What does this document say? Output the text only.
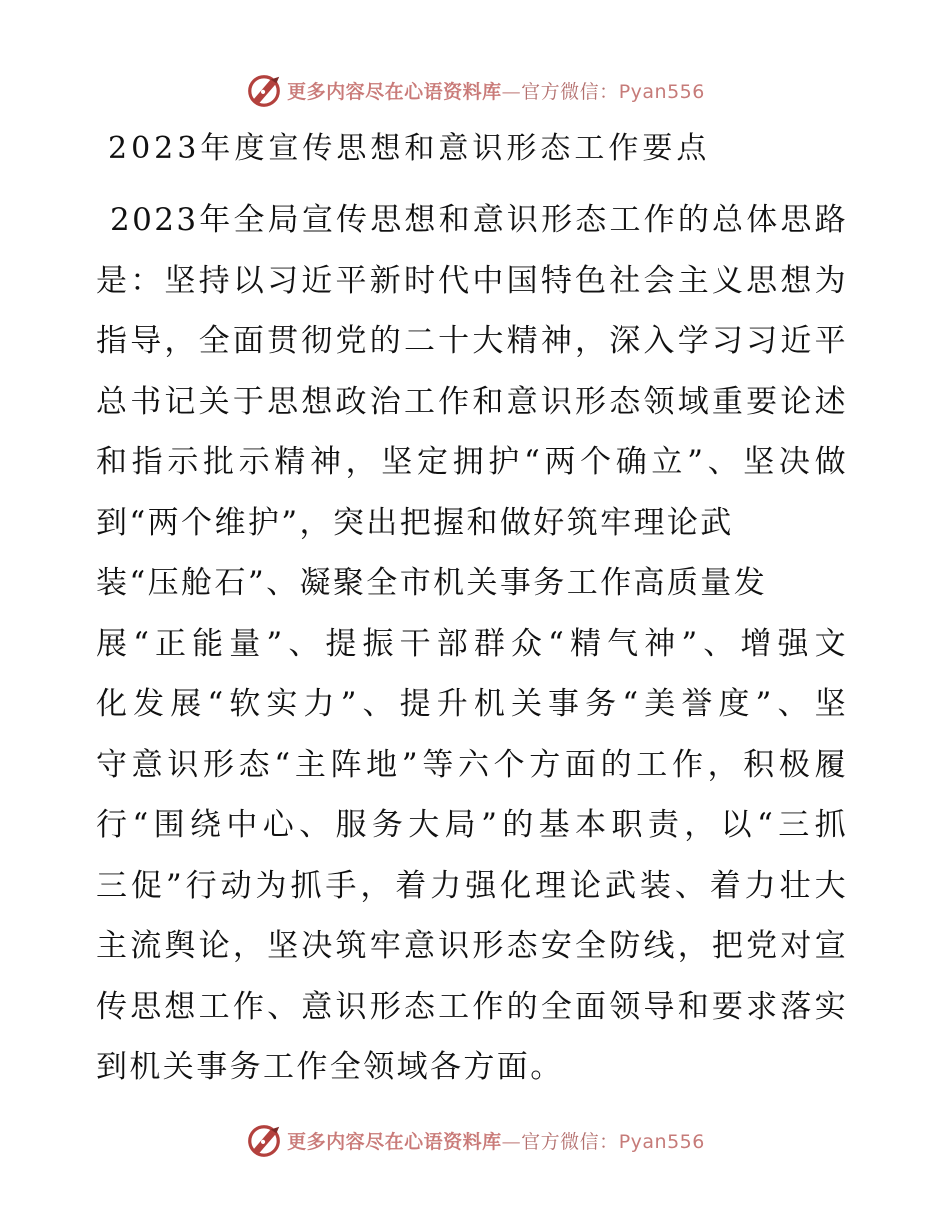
更多内容尽在心语资料库—官方微信：Pyan556
2023年度宣传思想和意识形态工作要点
2023年全局宣传思想和意识形态工作的总体思路
是：坚持以习近平新时代中国特色社会主义思想为
指导，全面贯彻党的二十大精神，深入学习习近平
总书记关于思想政治工作和意识形态领域重要论述
和指示批示精神，坚定拥护“两个确立”、坚决做
到“两个维护”，突出把握和做好筑牢理论武
装“压舱石”、凝聚全市机关事务工作高质量发
展“正能量”、提振干部群众“精气神”、增强文
化发展“软实力”、提升机关事务“美誉度”、坚
守意识形态“主阵地”等六个方面的工作，积极履
行“围绕中心、服务大局”的基本职责，以“三抓
三促”行动为抓手，着力强化理论武装、着力壮大
主流舆论，坚决筑牢意识形态安全防线，把党对宣
传思想工作、意识形态工作的全面领导和要求落实
到机关事务工作全领域各方面。
更多内容尽在心语资料库—官方微信：Pyan556
